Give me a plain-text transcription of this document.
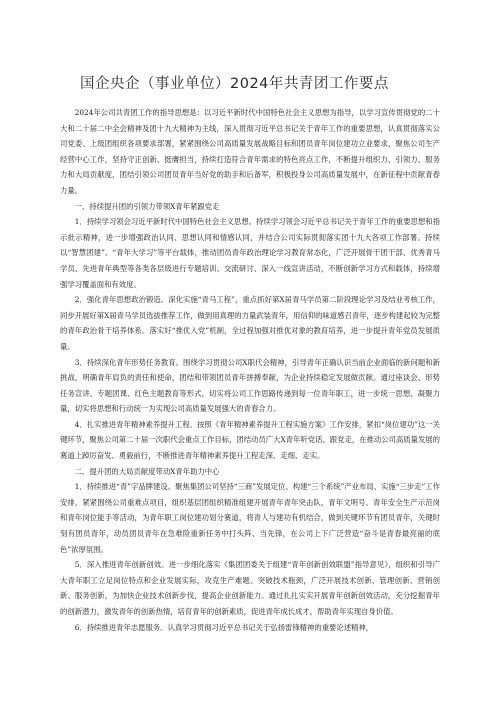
国企央企（事业单位）2024年共青团工作要点

2024年公司共青团工作的指导思想是：以习近平新时代中国特色社会主义思想为指导，以学习宣传贯彻党的二十大和二十届二中全会精神及团十九大精神为主线，深入贯彻习近平总书记关于青年工作的重要思想，认真贯彻落实公司党委、上级团组织各项要求部署，紧紧围绕公司高质量发展战略目标和团员青年岗位建功立业要求，聚焦公司生产经营中心工作，坚持守正创新、挺膺担当，持续打造符合青年需求的特色亮点工作，不断提升组织力、引领力、服务力和大局贡献度，团结引领公司团员青年当好党的助手和后备军，积极投身公司高质量发展中，在新征程中贡献青春力量。

一、持续提升团的引领力带领X青年紧跟党走

1．持续学习领会习近平新时代中国特色社会主义思想。持续学习领会习近平总书记关于青年工作的重要思想和指示批示精神，进一步增强政治认同、思想认同和情感认同，并结合公司实际贯彻落实团十九大各项工作部署。持续以“智慧团建”、“青年大学习”等平台载体，推动团员青年政治理论学习教育常态化，广泛开展骨干团干部、优秀青马学员、先进青年典型等各类各层级进行专题培训、交流研讨、深入一线宣讲活动，不断创新学习方式和载体，持续增强学习覆盖面和有效度。

2．强化青年思想政治锻造。深化实施“青马工程”，重点抓好第X届青马学员第二阶段理论学习及结业考核工作，同步开展好第X届青马学员选拔推荐工作，做到用真理的力量武装青年，用信仰的味道感召青年，逐步构建起较为完整的青年政治骨干培养体系。落实好“推优入党”机制，全过程加强对推优对象的教育培养，进一步提升青年党员发展质量。

3．持续深化青年形势任务教育。围绕学习贯彻公司X职代会精神，引导青年正确认识当前企业面临的新问题和新挑战，明确青年肩负的责任和使命，团结和带领团员青年拼搏奉献，为企业持续稳定发展做贡献。通过座谈会、形势任务宣讲、专题团课、红色主题教育等形式，切实将公司工作思路传递到每一位青年职工，进一步统一思想、凝聚力量，切实将思想和行动统一为实现公司高质量发展强大的青春合力。

4．扎实推进青年精神素养提升工程。按照《青年精神素养提升工程实施方案》工作安排，紧扣“岗位建功”这一关键环节，聚焦公司第二十届一次职代会重点工作目标，团结动员广大X青年听党话、跟党走，在推动公司高质量发展的赛道上踔厉奋发、勇毅前行，不断推进青年精神素养提升工程走深、走细、走实。

二、提升团的大局贡献度带动X青年助力中心

1．持续推进“青”字品牌建设。聚焦集团公司坚持“三商”发展定位、构建“三个系统”产业布局、实施“三步走”工作安排，紧紧围绕公司重难点项目，组织基层团组织精准组建开展青年青年突击队、青年文明号、青年安全生产示范岗和青年岗位能手等活动，为青年职工岗位建功划分赛道，将青人与建功有机结合，做到关键环节有团员青年，关键时刻有团员青年，动员团员青年在急难险重新任务中打头阵、当先锋，在公司上下广泛营造“奋斗是青春最亮丽的底色”浓厚氛围。

5．深入推进青年创新创效。进一步细化落实《集团团委关于组建“青年创新创效联盟”指导意见》，组织和引导广大青年职工立足岗位特点和企业发展实际，攻克生产难题、突破技术瓶颈，广泛开展技术创新、管理创新、营销创新、服务创新，为加快企业技术创新步伐，提高企业创新能力。通过扎扎实实开展青年创新创效活动，充分挖掘青年的创新潜力，激发青年的创新热情，培育青年的创新素质，促进青年成长成才，帮助青年实现自身价值。

6．持续推进青年志愿服务。认真学习贯彻习近平总书记关于弘扬雷锋精神的重要论述精神，
